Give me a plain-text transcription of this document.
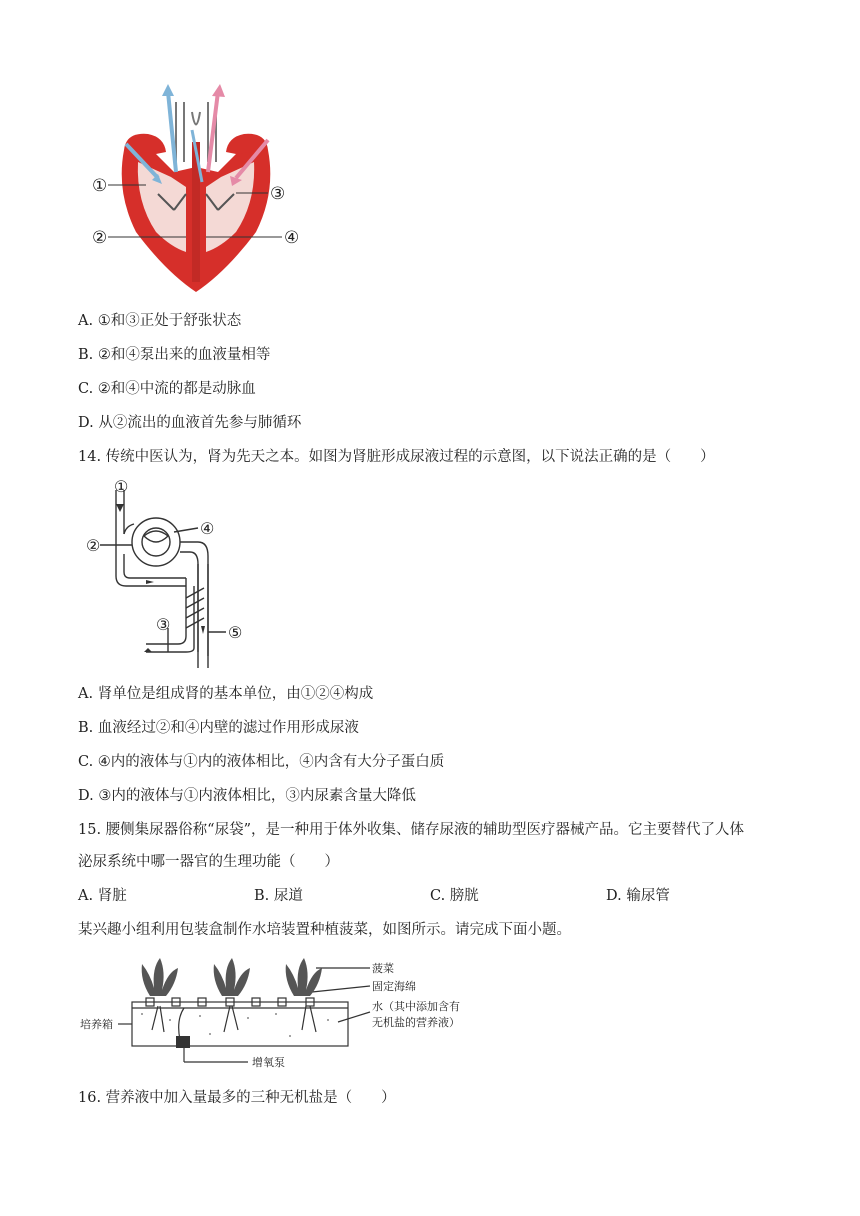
①
②
③
④
A. ①和③正处于舒张状态
B. ②和④泵出来的血液量相等
C. ②和④中流的都是动脉血
D. 从②流出的血液首先参与肺循环
14. 传统中医认为，肾为先天之本。如图为肾脏形成尿液过程的示意图，以下说法正确的是（　　）
①
②
③
④
⑤
A. 肾单位是组成肾的基本单位，由①②④构成
B. 血液经过②和④内壁的滤过作用形成尿液
C. ④内的液体与①内的液体相比，④内含有大分子蛋白质
D. ③内的液体与①内液体相比，③内尿素含量大降低
15. 腰侧集尿器俗称“尿袋”，是一种用于体外收集、储存尿液的辅助型医疗器械产品。它主要替代了人体
泌尿系统中哪一器官的生理功能（　　）
A. 肾脏	B. 尿道	C. 膀胱	D. 输尿管
某兴趣小组利用包装盒制作水培装置种植菠菜，如图所示。请完成下面小题。
菠菜
固定海绵
水（其中添加含有
无机盐的营养液）
培养箱
增氧泵
16. 营养液中加入量最多的三种无机盐是（　　）
